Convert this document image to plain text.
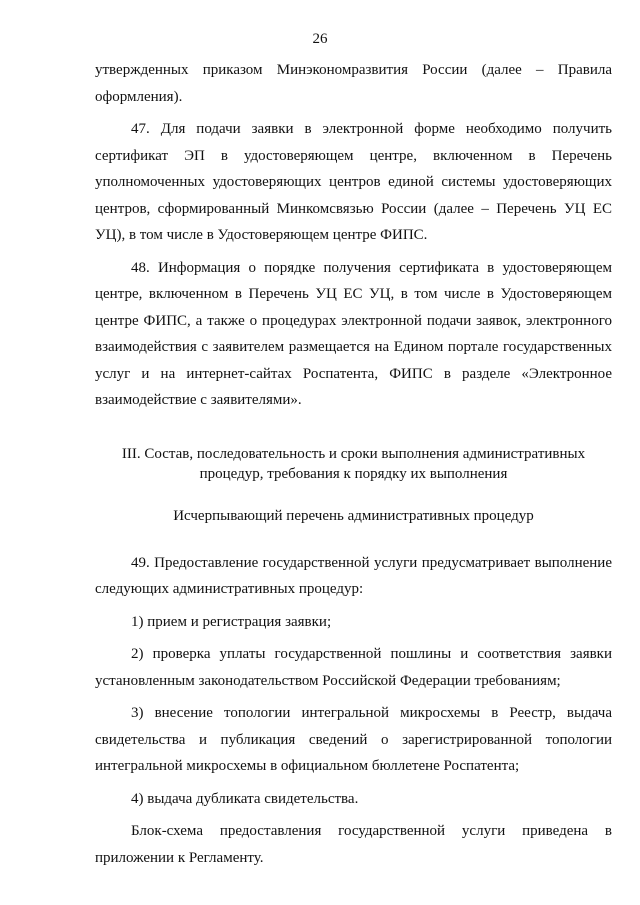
26

утвержденных приказом Минэкономразвития России (далее – Правила оформления).

47. Для подачи заявки в электронной форме необходимо получить сертификат ЭП в удостоверяющем центре, включенном в Перечень уполномоченных удостоверяющих центров единой системы удостоверяющих центров, сформированный Минкомсвязью России (далее – Перечень УЦ ЕС УЦ), в том числе в Удостоверяющем центре ФИПС.

48. Информация о порядке получения сертификата в удостоверяющем центре, включенном в Перечень УЦ ЕС УЦ, в том числе в Удостоверяющем центре ФИПС, а также о процедурах электронной подачи заявок, электронного взаимодействия с заявителем размещается на Едином портале государственных услуг и на интернет-сайтах Роспатента, ФИПС в разделе «Электронное взаимодействие с заявителями».

III. Состав, последовательность и сроки выполнения административных
процедур, требования к порядку их выполнения
Исчерпывающий перечень административных процедур

49. Предоставление государственной услуги предусматривает выполнение следующих административных процедур:

1) прием и регистрация заявки;

2) проверка уплаты государственной пошлины и соответствия заявки установленным законодательством Российской Федерации требованиям;

3) внесение топологии интегральной микросхемы в Реестр, выдача свидетельства и публикация сведений о зарегистрированной топологии интегральной микросхемы в официальном бюллетене Роспатента;

4) выдача дубликата свидетельства.

Блок-схема предоставления государственной услуги приведена в приложении к Регламенту.
